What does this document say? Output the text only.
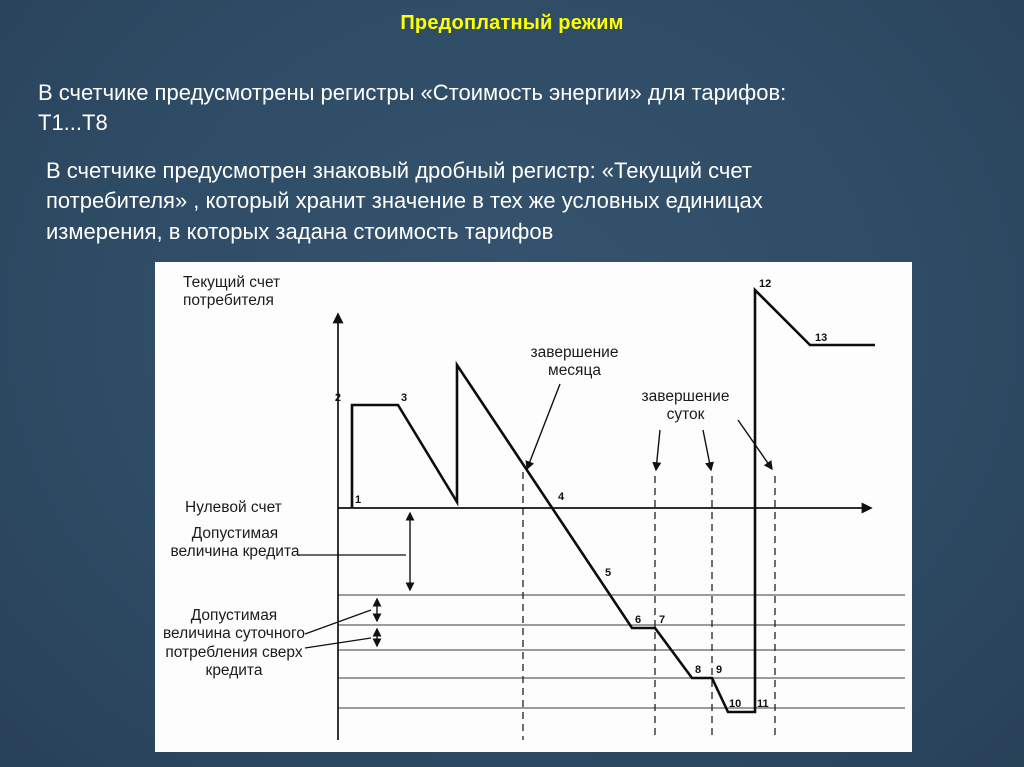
Предоплатный режим
В счетчике предусмотрены регистры «Стоимость энергии» для тарифов: Т1...Т8
В счетчике предусмотрен знаковый дробный регистр: «Текущий счет потребителя» , который хранит значение в тех же условных единицах измерения, в которых задана стоимость тарифов
1
2	3
4
5
6 7
8 9
10 11
12
13
Текущий счет потребителя
Нулевой счет
Допустимая величина кредита
Допустимая величина суточного потребления сверх кредита
завершение месяца
завершение суток
